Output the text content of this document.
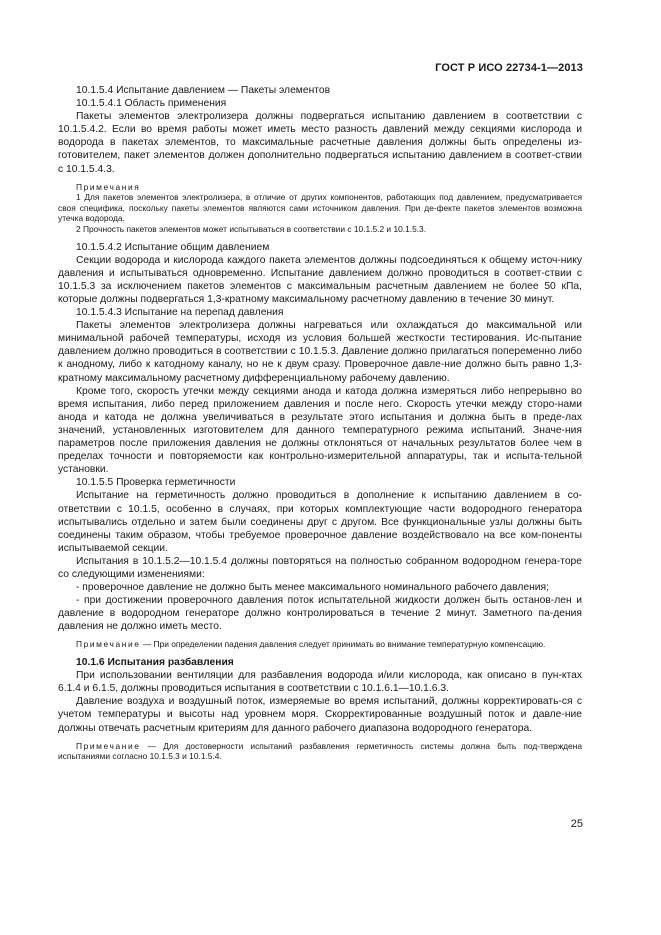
ГОСТ Р ИСО 22734-1—2013

10.1.5.4 Испытание давлением — Пакеты элементов

10.1.5.4.1 Область применения

Пакеты элементов электролизера должны подвергаться испытанию давлением в соответствии с 10.1.5.4.2. Если во время работы может иметь место разность давлений между секциями кислорода и водорода в пакетах элементов, то максимальные расчетные давления должны быть определены из-готовителем, пакет элементов должен дополнительно подвергаться испытанию давлением в соответ-ствии с 10.1.5.4.3.

Примечания

1 Для пакетов элементов электролизера, в отличие от других компонентов, работающих под давлением, предусматривается своя специфика, поскольку пакеты элементов являются сами источником давления. При де-фекте пакетов элементов возможна утечка водорода.

2 Прочность пакетов элементов может испытываться в соответствии с 10.1.5.2 и 10.1.5.3.

10.1.5.4.2 Испытание общим давлением

Секции водорода и кислорода каждого пакета элементов должны подсоединяться к общему источ-нику давления и испытываться одновременно. Испытание давлением должно проводиться в соответ-ствии с 10.1.5.3 за исключением пакетов элементов с максимальным расчетным давлением не более 50 кПа, которые должны подвергаться 1,3-кратному максимальному расчетному давлению в течение 30 минут.

10.1.5.4.3 Испытание на перепад давления

Пакеты элементов электролизера должны нагреваться или охлаждаться до максимальной или минимальной рабочей температуры, исходя из условия большей жесткости тестирования. Ис-пытание давлением должно проводиться в соответствии с 10.1.5.3. Давление должно прилагаться попеременно либо к анодному, либо к катодному каналу, но не к двум сразу. Проверочное давле-ние должно быть равно 1,3-кратному максимальному расчетному дифференциальному рабочему давлению.

Кроме того, скорость утечки между секциями анода и катода должна измеряться либо непрерывно во время испытания, либо перед приложением давления и после него. Скорость утечки между сторо-нами анода и катода не должна увеличиваться в результате этого испытания и должна быть в преде-лах значений, установленных изготовителем для данного температурного режима испытаний. Значе-ния параметров после приложения давления не должны отклоняться от начальных результатов более чем в пределах точности и повторяемости как контрольно-измерительной аппаратуры, так и испыта-тельной установки.

10.1.5.5 Проверка герметичности

Испытание на герметичность должно проводиться в дополнение к испытанию давлением в со-ответствии с 10.1.5, особенно в случаях, при которых комплектующие части водородного генератора испытывались отдельно и затем были соединены друг с другом. Все функциональные узлы должны быть соединены таким образом, чтобы требуемое проверочное давление воздействовало на все ком-поненты испытываемой секции.

Испытания в 10.1.5.2—10.1.5.4 должны повторяться на полностью собранном водородном генера-торе со следующими изменениями:

- проверочное давление не должно быть менее максимального номинального рабочего давления;

- при достижении проверочного давления поток испытательной жидкости должен быть останов-лен и давление в водородном генераторе должно контролироваться в течение 2 минут. Заметного па-дения давления не должно иметь место.

Примечание — При определении падения давления следует принимать во внимание температурную компенсацию.

10.1.6 Испытания разбавления

При использовании вентиляции для разбавления водорода и/или кислорода, как описано в пун-ктах 6.1.4 и 6.1.5, должны проводиться испытания в соответствии с 10.1.6.1—10.1.6.3.

Давление воздуха и воздушный поток, измеряемые во время испытаний, должны корректировать-ся с учетом температуры и высоты над уровнем моря. Скорректированные воздушный поток и давле-ние должны отвечать расчетным критериям для данного рабочего диапазона водородного генератора.

Примечание — Для достоверности испытаний разбавления герметичность системы должна быть под-тверждена испытаниями согласно 10.1.5.3 и 10.1.5.4.

25
